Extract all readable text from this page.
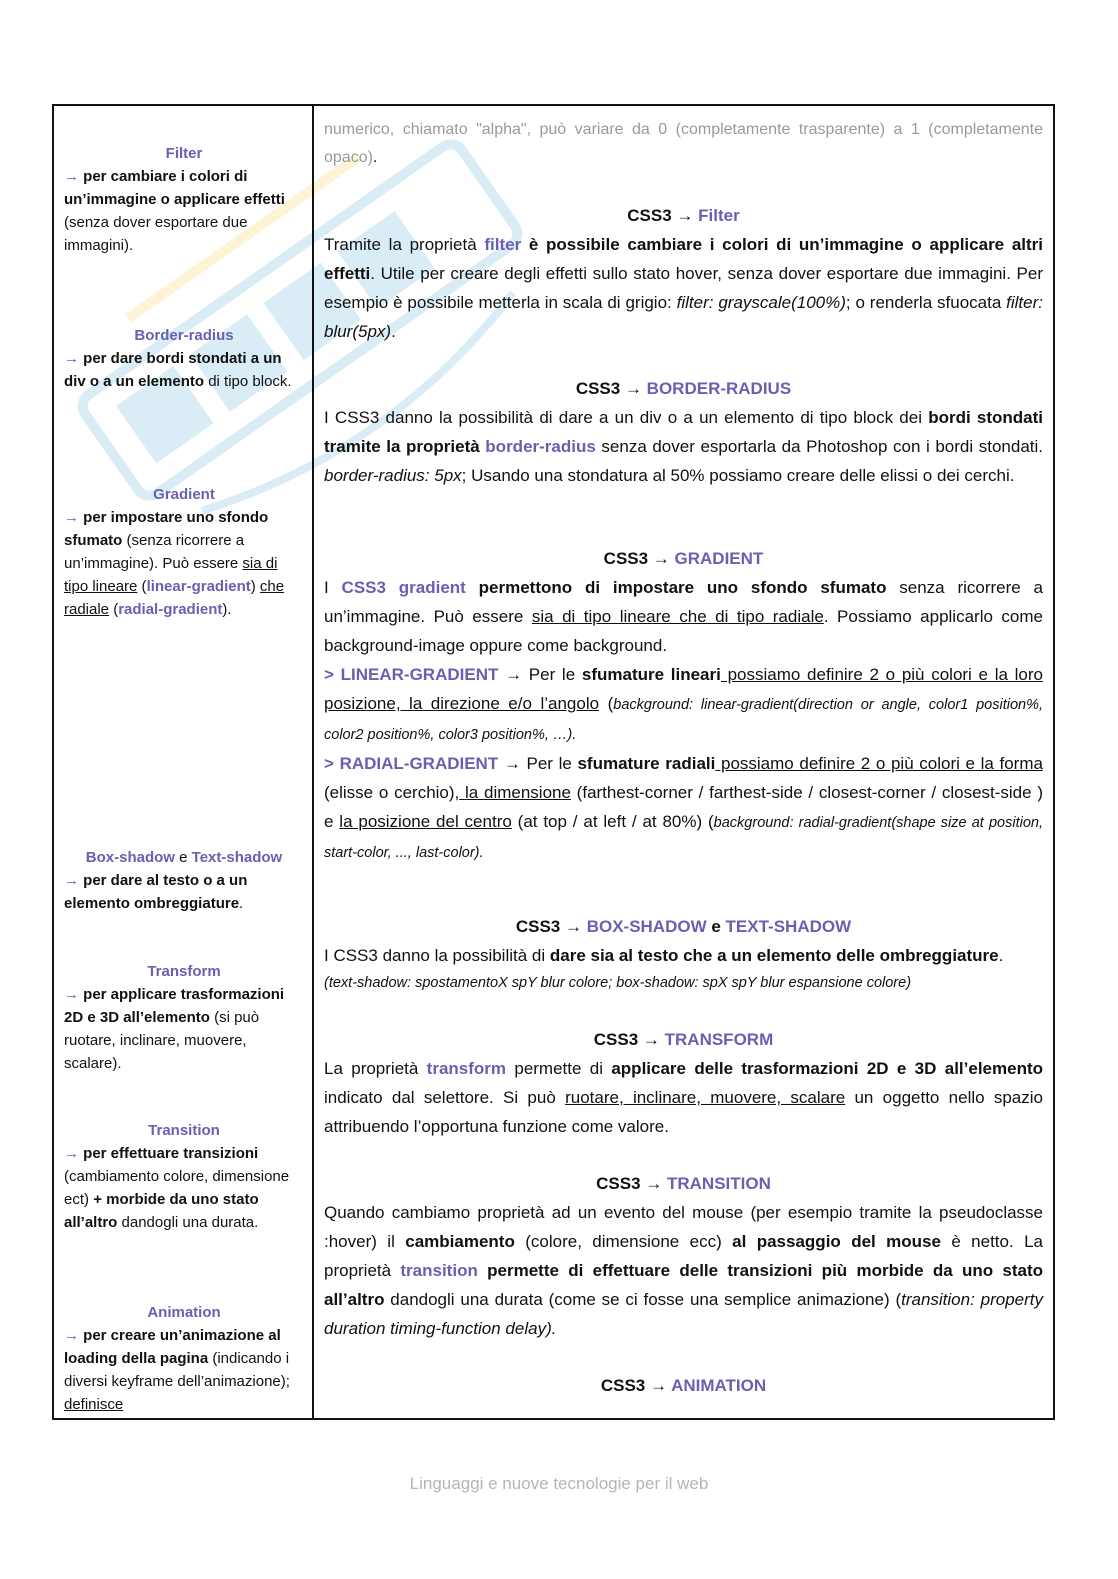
Filter
→ per cambiare i colori di un’immagine o applicare effetti (senza dover esportare due immagini).
Border-radius
→ per dare bordi stondati a un div o a un elemento di tipo block.
Gradient
→ per impostare uno sfondo sfumato (senza ricorrere a un’immagine). Può essere sia di tipo lineare (linear-gradient) che radiale (radial-gradient).
Box-shadow e Text-shadow
→ per dare al testo o a un elemento ombreggiature.
Transform
→ per applicare trasformazioni 2D e 3D all’elemento (si può ruotare, inclinare, muovere, scalare).
Transition
→ per effettuare transizioni (cambiamento colore, dimensione ect) + morbide da uno stato all’altro dandogli una durata.
Animation
→ per creare un’animazione al loading della pagina (indicando i diversi keyframe dell’animazione); definisce
numerico, chiamato "alpha", può variare da 0 (completamente trasparente) a 1 (completamente opaco).
CSS3 → Filter
Tramite la proprietà filter è possibile cambiare i colori di un’immagine o applicare altri effetti. Utile per creare degli effetti sullo stato hover, senza dover esportare due immagini. Per esempio è possibile metterla in scala di grigio: filter: grayscale(100%); o renderla sfuocata filter: blur(5px).
CSS3 → BORDER-RADIUS
I CSS3 danno la possibilità di dare a un div o a un elemento di tipo block dei bordi stondati tramite la proprietà border-radius senza dover esportarla da Photoshop con i bordi stondati. border-radius: 5px; Usando una stondatura al 50% possiamo creare delle elissi o dei cerchi.
CSS3 → GRADIENT
I CSS3 gradient permettono di impostare uno sfondo sfumato senza ricorrere a un’immagine. Può essere sia di tipo lineare che di tipo radiale. Possiamo applicarlo come background-image oppure come background.
> LINEAR-GRADIENT → Per le sfumature lineari possiamo definire 2 o più colori e la loro posizione, la direzione e/o l’angolo (background: linear-gradient(direction or angle, color1 position%, color2 position%, color3 position%, …).
> RADIAL-GRADIENT → Per le sfumature radiali possiamo definire 2 o più colori e la forma (elisse o cerchio), la dimensione (farthest-corner / farthest-side / closest-corner / closest-side ) e la posizione del centro (at top / at left / at 80%) (background: radial-gradient(shape size at position, start-color, ..., last-color).
CSS3 → BOX-SHADOW e TEXT-SHADOW
I CSS3 danno la possibilità di dare sia al testo che a un elemento delle ombreggiature.
(text-shadow: spostamentoX spY blur colore; box-shadow: spX spY blur espansione colore)
CSS3 → TRANSFORM
La proprietà transform permette di applicare delle trasformazioni 2D e 3D all’elemento indicato dal selettore. Si può ruotare, inclinare, muovere, scalare un oggetto nello spazio attribuendo l’opportuna funzione come valore.
CSS3 → TRANSITION
Quando cambiamo proprietà ad un evento del mouse (per esempio tramite la pseudoclasse :hover) il cambiamento (colore, dimensione ecc) al passaggio del mouse è netto. La proprietà transition permette di effettuare delle transizioni più morbide da uno stato all’altro dandogli una durata (come se ci fosse una semplice animazione) (transition: property duration timing-function delay).
CSS3 → ANIMATION
Linguaggi e nuove tecnologie per il web
